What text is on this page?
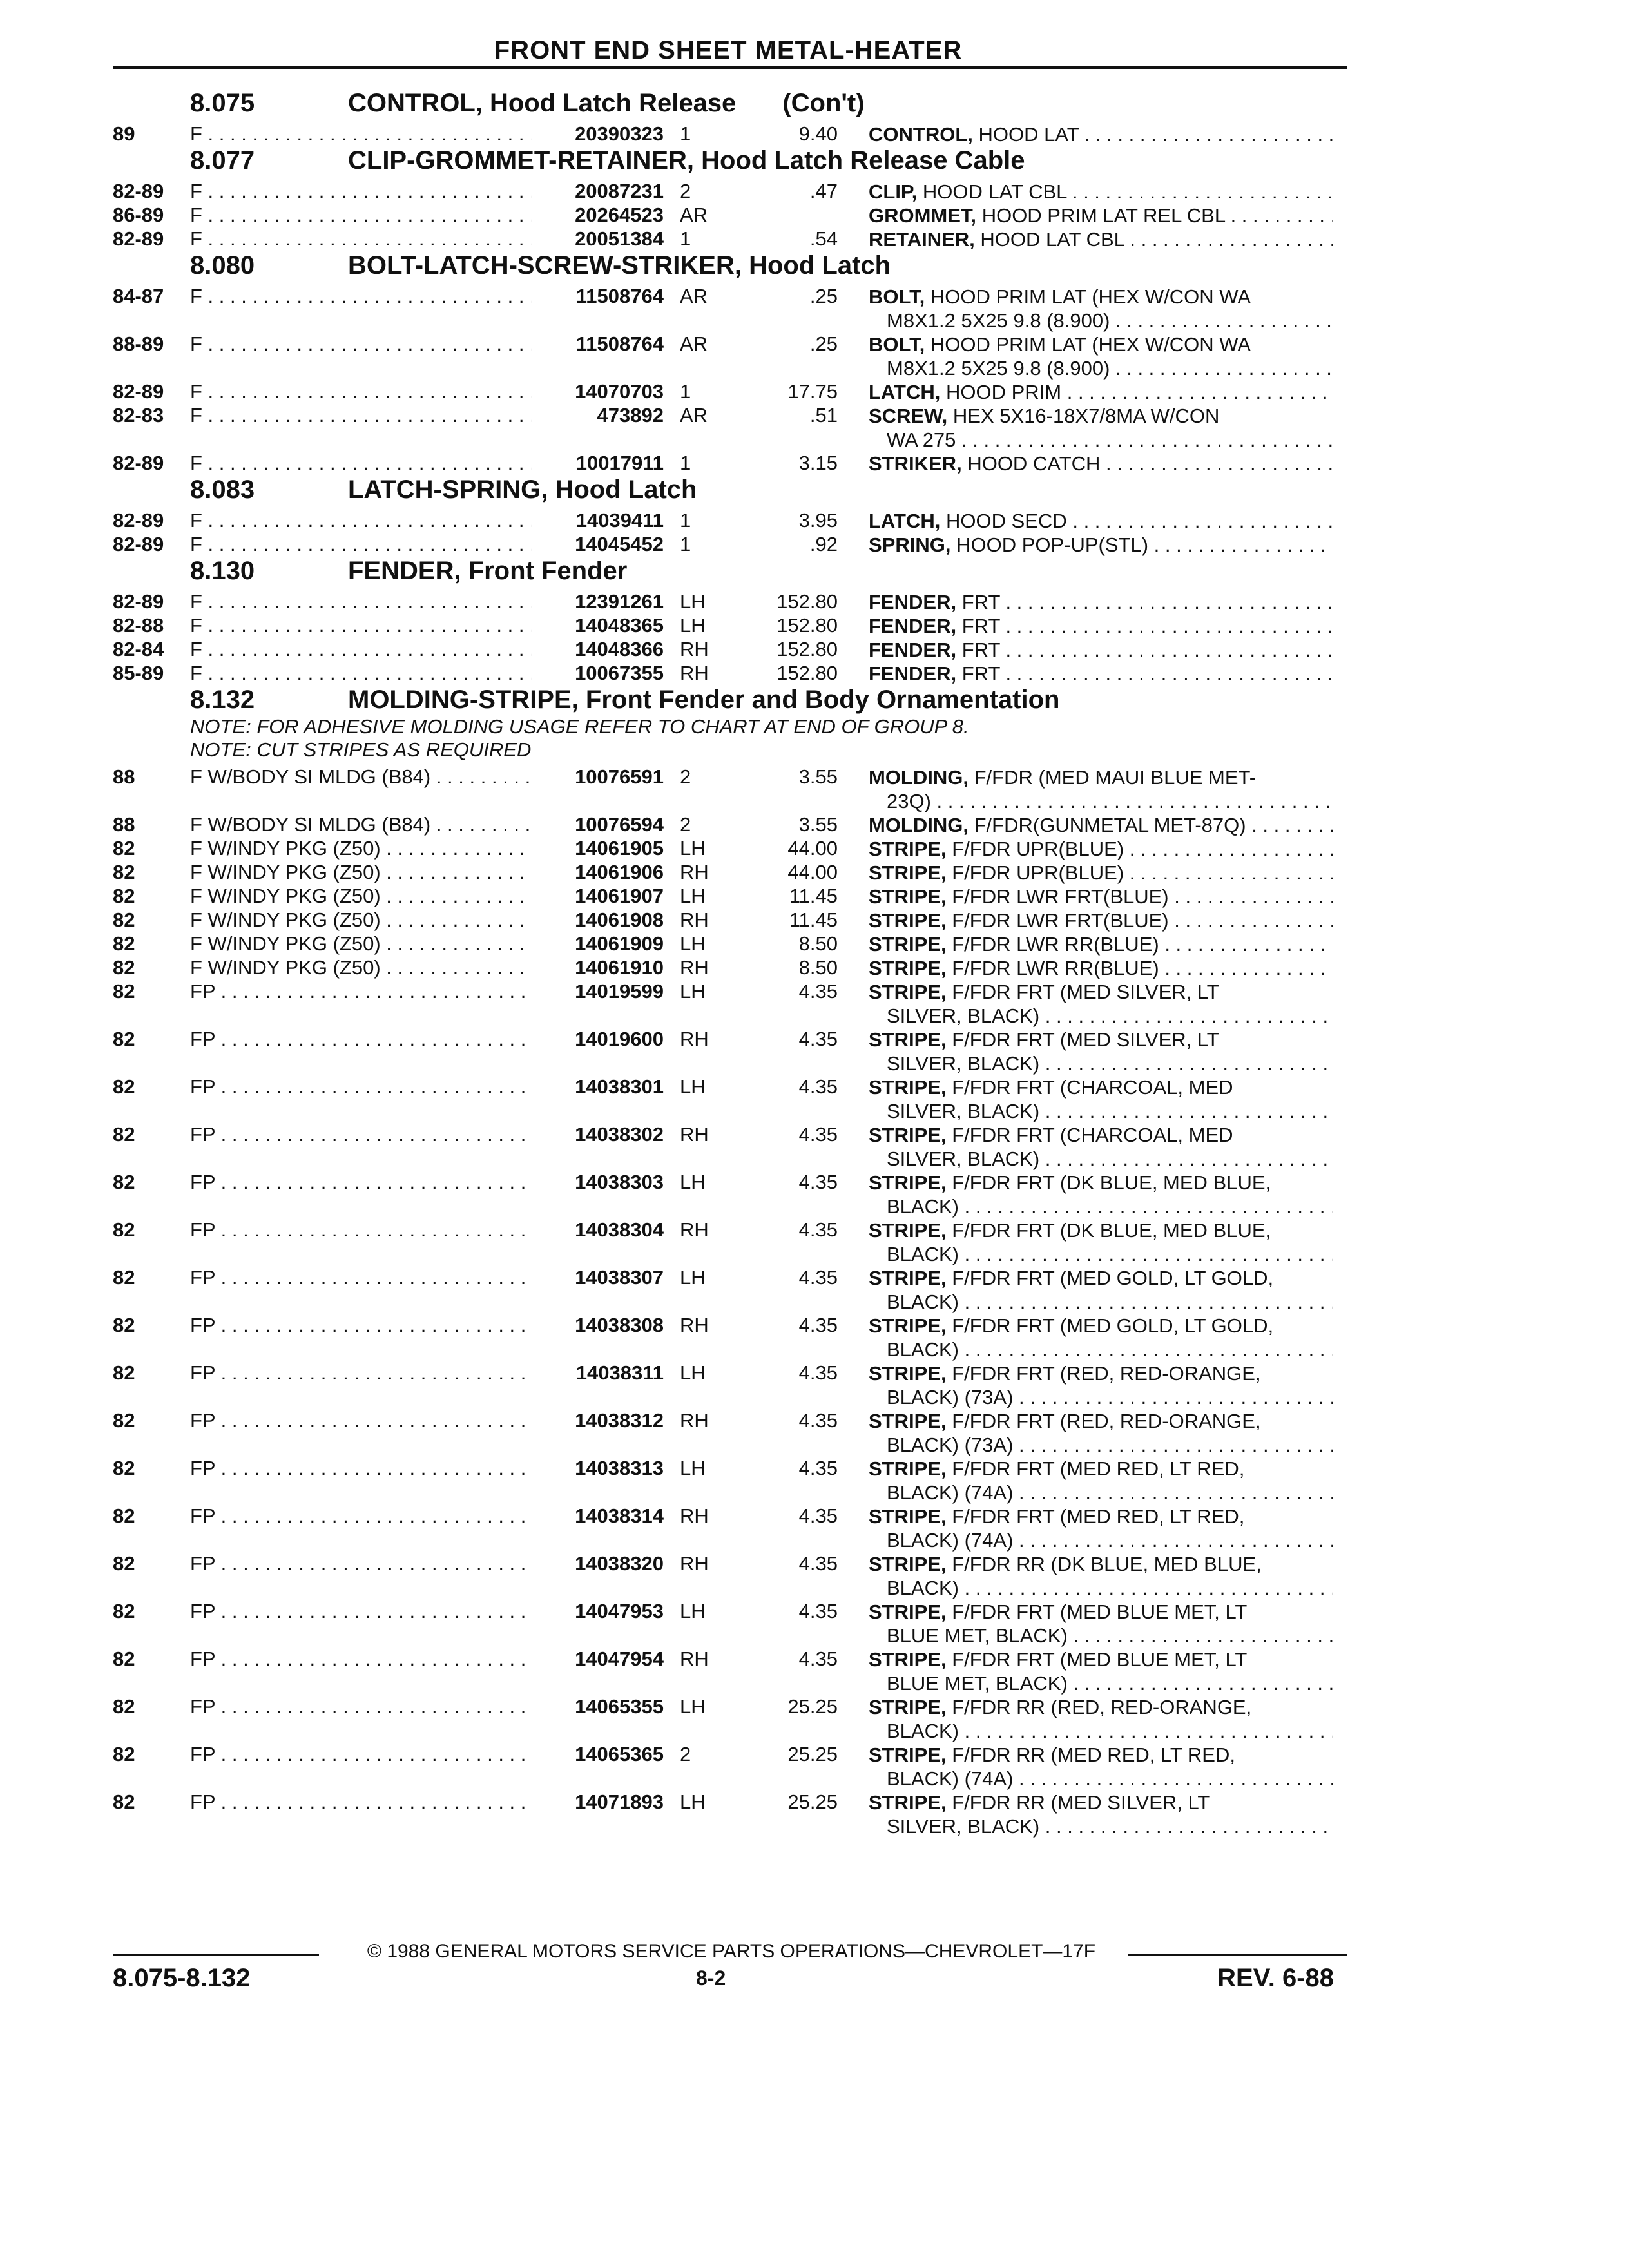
FRONT END SHEET METAL-HEATER
8.075	CONTROL, Hood Latch Release (Con't)
89	F . . .	20390323 1	9.40 CONTROL, HOOD LAT . . .
8.077	CLIP-GROMMET-RETAINER, Hood Latch Release Cable
82-89 F . . .	20087231 2	.47 CLIP, HOOD LAT CBL . . .
86-89 F . . .	20264523 AR	GROMMET, HOOD PRIM LAT REL CBL . . .
82-89 F . . .	20051384 1	.54 RETAINER, HOOD LAT CBL . . .
8.080	BOLT-LATCH-SCREW-STRIKER, Hood Latch
84-87 F . . .	11508764 AR	.25 BOLT, HOOD PRIM LAT (HEX W/CON WA
M8X1.2 5X25 9.8 (8.900) . . .
88-89 F . . .	11508764 AR	.25 BOLT, HOOD PRIM LAT (HEX W/CON WA
M8X1.2 5X25 9.8 (8.900) . . .
82-89 F . . .	14070703 1	17.75 LATCH, HOOD PRIM . . .
82-83 F . . .	473892 AR	.51 SCREW, HEX 5X16-18X7/8MA W/CON
WA 275 . . .
82-89 F . . .	10017911 1	3.15 STRIKER, HOOD CATCH . . .
8.083	LATCH-SPRING, Hood Latch
82-89 F . . .	14039411 1	3.95 LATCH, HOOD SECD . . .
82-89 F . . .	14045452 1	.92 SPRING, HOOD POP-UP(STL) . . .
8.130	FENDER, Front Fender
82-89 F . . .	12391261 LH	152.80 FENDER, FRT . . .
82-88 F . . .	14048365 LH	152.80 FENDER, FRT . . .
82-84 F . . .	14048366 RH	152.80 FENDER, FRT . . .
85-89 F . . .	10067355 RH	152.80 FENDER, FRT . . .
8.132	MOLDING-STRIPE, Front Fender and Body Ornamentation
NOTE: FOR ADHESIVE MOLDING USAGE REFER TO CHART AT END OF GROUP 8.
NOTE: CUT STRIPES AS REQUIRED
88	F W/BODY SI MLDG (B84) . . .	10076591 2	3.55 MOLDING, F/FDR (MED MAUI BLUE MET-
23Q) . . .
88	F W/BODY SI MLDG (B84) . . .	10076594 2	3.55 MOLDING, F/FDR(GUNMETAL MET-87Q) . . .
82	F W/INDY PKG (Z50) . . .	14061905 LH	44.00 STRIPE, F/FDR UPR(BLUE) . . .
82	F W/INDY PKG (Z50) . . .	14061906 RH	44.00 STRIPE, F/FDR UPR(BLUE) . . .
82	F W/INDY PKG (Z50) . . .	14061907 LH	11.45 STRIPE, F/FDR LWR FRT(BLUE) . . .
82	F W/INDY PKG (Z50) . . .	14061908 RH	11.45 STRIPE, F/FDR LWR FRT(BLUE) . . .
82	F W/INDY PKG (Z50) . . .	14061909 LH	8.50 STRIPE, F/FDR LWR RR(BLUE) . . .
82	F W/INDY PKG (Z50) . . .	14061910 RH	8.50 STRIPE, F/FDR LWR RR(BLUE) . . .
82	FP . . .	14019599 LH	4.35 STRIPE, F/FDR FRT (MED SILVER, LT
SILVER, BLACK) . . .
82	FP . . .	14019600 RH	4.35 STRIPE, F/FDR FRT (MED SILVER, LT
SILVER, BLACK) . . .
82	FP . . .	14038301 LH	4.35 STRIPE, F/FDR FRT (CHARCOAL, MED
SILVER, BLACK) . . .
82	FP . . .	14038302 RH	4.35 STRIPE, F/FDR FRT (CHARCOAL, MED
SILVER, BLACK) . . .
82	FP . . .	14038303 LH	4.35 STRIPE, F/FDR FRT (DK BLUE, MED BLUE,
BLACK) . . .
82	FP . . .	14038304 RH	4.35 STRIPE, F/FDR FRT (DK BLUE, MED BLUE,
BLACK) . . .
82	FP . . .	14038307 LH	4.35 STRIPE, F/FDR FRT (MED GOLD, LT GOLD,
BLACK) . . .
82	FP . . .	14038308 RH	4.35 STRIPE, F/FDR FRT (MED GOLD, LT GOLD,
BLACK) . . .
82	FP . . .	14038311 LH	4.35 STRIPE, F/FDR FRT (RED, RED-ORANGE,
BLACK) (73A) . . .
82	FP . . .	14038312 RH	4.35 STRIPE, F/FDR FRT (RED, RED-ORANGE,
BLACK) (73A) . . .
82	FP . . .	14038313 LH	4.35 STRIPE, F/FDR FRT (MED RED, LT RED,
BLACK) (74A) . . .
82	FP . . .	14038314 RH	4.35 STRIPE, F/FDR FRT (MED RED, LT RED,
BLACK) (74A) . . .
82	FP . . .	14038320 RH	4.35 STRIPE, F/FDR RR (DK BLUE, MED BLUE,
BLACK) . . .
82	FP . . .	14047953 LH	4.35 STRIPE, F/FDR FRT (MED BLUE MET, LT
BLUE MET, BLACK) . . .
82	FP . . .	14047954 RH	4.35 STRIPE, F/FDR FRT (MED BLUE MET, LT
BLUE MET, BLACK) . . .
82	FP . . .	14065355 LH	25.25 STRIPE, F/FDR RR (RED, RED-ORANGE,
BLACK) . . .
82	FP . . .	14065365 2	25.25 STRIPE, F/FDR RR (MED RED, LT RED,
BLACK) (74A) . . .
82	FP . . .	14071893 LH	25.25 STRIPE, F/FDR RR (MED SILVER, LT
SILVER, BLACK) . . .
© 1988 GENERAL MOTORS SERVICE PARTS OPERATIONS—CHEVROLET—17F
8.075-8.132	8-2	REV. 6-88
